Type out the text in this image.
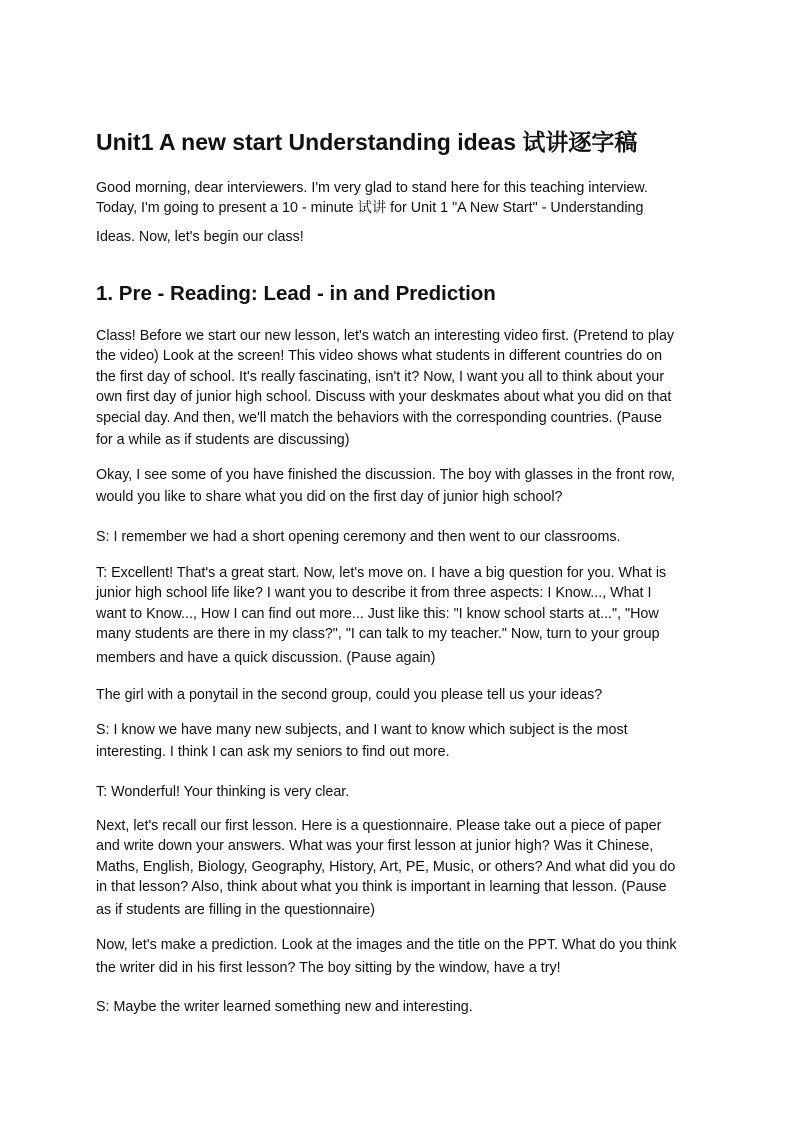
Unit1 A new start Understanding ideas 试讲逐字稿
Good morning, dear interviewers. I'm very glad to stand here for this teaching interview.
Today, I'm going to present a 10 - minute 试讲 for Unit 1 "A New Start" - Understanding
Ideas. Now, let's begin our class!
1. Pre - Reading: Lead - in and Prediction
Class! Before we start our new lesson, let's watch an interesting video first. (Pretend to play
the video) Look at the screen! This video shows what students in different countries do on
the first day of school. It's really fascinating, isn't it? Now, I want you all to think about your
own first day of junior high school. Discuss with your deskmates about what you did on that
special day. And then, we'll match the behaviors with the corresponding countries. (Pause
for a while as if students are discussing)
Okay, I see some of you have finished the discussion. The boy with glasses in the front row,
would you like to share what you did on the first day of junior high school?
S: I remember we had a short opening ceremony and then went to our classrooms.
T: Excellent! That's a great start. Now, let's move on. I have a big question for you. What is
junior high school life like? I want you to describe it from three aspects: I Know..., What I
want to Know..., How I can find out more... Just like this: "I know school starts at...", "How
many students are there in my class?", "I can talk to my teacher." Now, turn to your group
members and have a quick discussion. (Pause again)
The girl with a ponytail in the second group, could you please tell us your ideas?
S: I know we have many new subjects, and I want to know which subject is the most
interesting. I think I can ask my seniors to find out more.
T: Wonderful! Your thinking is very clear.
Next, let's recall our first lesson. Here is a questionnaire. Please take out a piece of paper
and write down your answers. What was your first lesson at junior high? Was it Chinese,
Maths, English, Biology, Geography, History, Art, PE, Music, or others? And what did you do
in that lesson? Also, think about what you think is important in learning that lesson. (Pause
as if students are filling in the questionnaire)
Now, let's make a prediction. Look at the images and the title on the PPT. What do you think
the writer did in his first lesson? The boy sitting by the window, have a try!
S: Maybe the writer learned something new and interesting.
